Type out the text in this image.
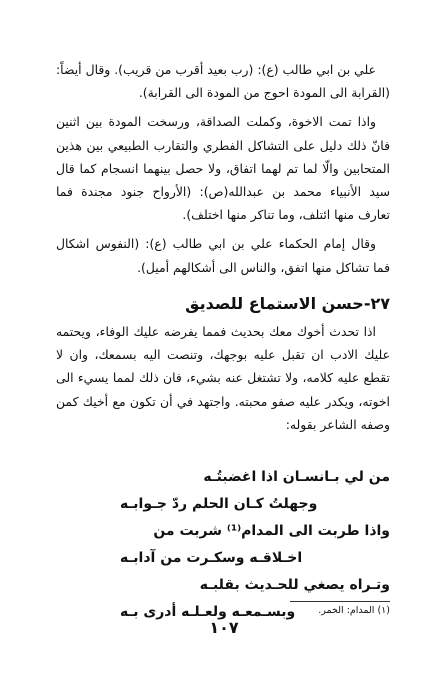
علي بن ابي طالب (ع): (رب بعيد أقرب من قريب). وقال أيضاً: (القرابة الى المودة احوج من المودة الى القرابة).

واذا تمت الاخوة، وكملت الصداقة، ورسخت المودة بين اثنين فانّ ذلك دليل على التشاكل الفطري والتقارب الطبيعي بين هذين المتحابين والّا لما تم لهما اتفاق، ولا حصل بينهما انسجام كما قال سيد الأنبياء محمد بن عبدالله(ص): (الأرواح جنود مجندة فما تعارف منها ائتلف، وما تناكر منها اختلف).

وقال إمام الحكماء علي بن ابي طالب (ع): (النفوس اشكال فما تشاكل منها اتفق، والناس الى أشكالهم أميل).

٢٧-حسن الاستماع للصديق

اذا تحدث أخوك معك بحديث فمما يفرضه عليك الوفاء، ويحتمه عليك الادب ان تقبل عليه بوجهك، وتنصت اليه بسمعك، وان لا تقطع عليه كلامه، ولا تشتغل عنه بشيء، فان ذلك لمما يسيء الى اخوته، ويكدر عليه صفو محبته. واجتهد في أن تكون مع أخيك كمن وصفه الشاعر بقوله:

من لي بـانسـان اذا اغضبتُـه
وجهلتُ كـان الحلم ردّ جـوابـه
واذا طربت الى المدام⁽¹⁾ شربت من
اخـلاقـه وسكـرت من آدابـه
وتـراه يصغي للحـديث بقلبـه
وبسـمعـه ولعـلـه أدرى بـه	(١) المدام: الخمر.
١٠٧
